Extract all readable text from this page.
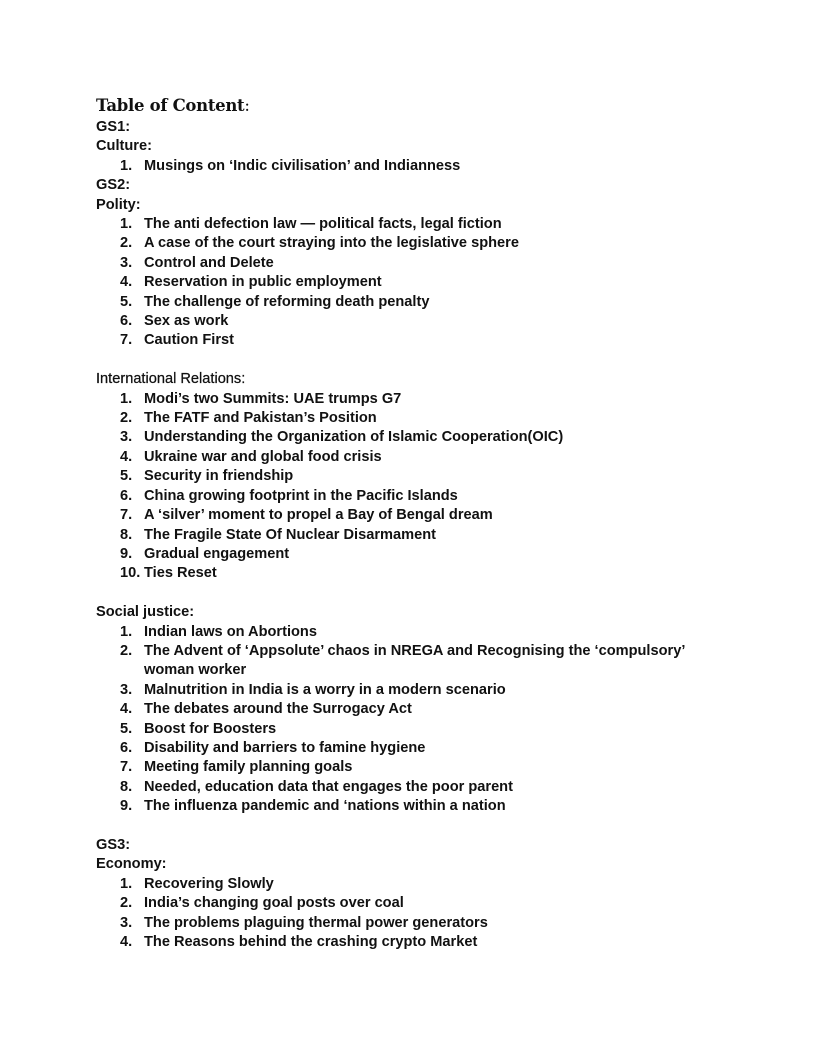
Table of Content:
GS1:
Culture:
1. Musings on ‘Indic civilisation’ and Indianness
GS2:
Polity:
1. The anti defection law — political facts, legal fiction
2. A case of the court straying into the legislative sphere
3. Control and Delete
4. Reservation in public employment
5. The challenge of reforming death penalty
6. Sex as work
7. Caution First
International Relations:
1. Modi’s two Summits: UAE trumps G7
2. The FATF and Pakistan’s Position
3. Understanding the Organization of Islamic Cooperation(OIC)
4. Ukraine war and global food crisis
5. Security in friendship
6. China growing footprint in the Pacific Islands
7. A ‘silver’ moment to propel a Bay of Bengal dream
8. The Fragile State Of Nuclear Disarmament
9. Gradual engagement
10. Ties Reset
Social justice:
1. Indian laws on Abortions
2. The Advent of ‘Appsolute’ chaos in NREGA and Recognising the ‘compulsory’ woman worker
3. Malnutrition in India is a worry in a modern scenario
4. The debates around the Surrogacy Act
5. Boost for Boosters
6. Disability and barriers to famine hygiene
7. Meeting family planning goals
8. Needed, education data that engages the poor parent
9. The influenza pandemic and ‘nations within a nation
GS3:
Economy:
1. Recovering Slowly
2. India’s changing goal posts over coal
3. The problems plaguing thermal power generators
4. The Reasons behind the crashing crypto Market
